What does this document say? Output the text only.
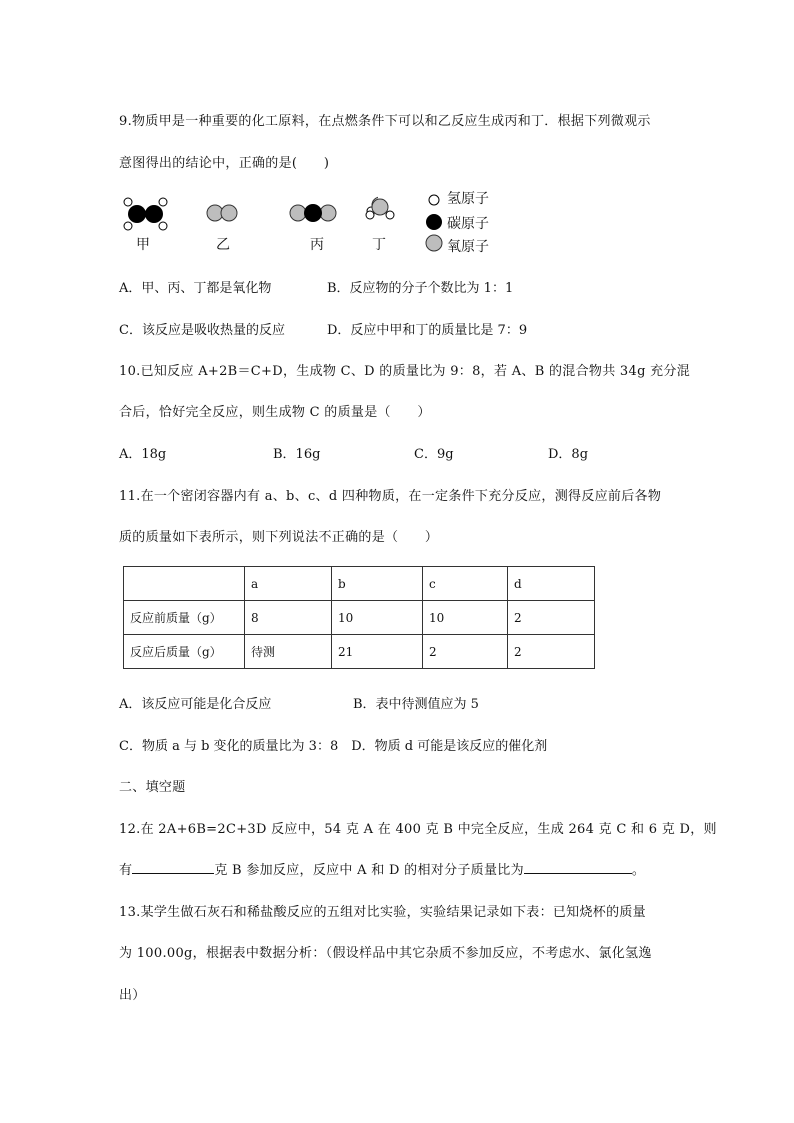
9.物质甲是一种重要的化工原料，在点燃条件下可以和乙反应生成丙和丁．根据下列微观示
意图得出的结论中，正确的是(　　)
甲	乙	丙	丁
氢原子
碳原子
氧原子
A．甲、丙、丁都是氧化物	B．反应物的分子个数比为 1：1
C．该反应是吸收热量的反应	D．反应中甲和丁的质量比是 7：9
10.已知反应 A+2B＝C+D，生成物 C、D 的质量比为 9：8，若 A、B 的混合物共 34g 充分混
合后，恰好完全反应，则生成物 C 的质量是（　　）
A．18g	B．16g	C．9g	D．8g
11.在一个密闭容器内有 a、b、c、d 四种物质，在一定条件下充分反应，测得反应前后各物
质的质量如下表所示，则下列说法不正确的是（　　）
	a	b	c	d
反应前质量（g）	8	10	10	2
反应后质量（g）	待测	21	2	2
A．该反应可能是化合反应	B．表中待测值应为 5
C．物质 a 与 b 变化的质量比为 3：8　D．物质 d 可能是该反应的催化剂
二、填空题
12.在 2A+6B=2C+3D 反应中，54 克 A 在 400 克 B 中完全反应，生成 264 克 C 和 6 克 D，则
有	克 B 参加反应，反应中 A 和 D 的相对分子质量比为	。
13.某学生做石灰石和稀盐酸反应的五组对比实验，实验结果记录如下表：已知烧杯的质量
为 100.00g，根据表中数据分析：（假设样品中其它杂质不参加反应，不考虑水、氯化氢逸
出）
